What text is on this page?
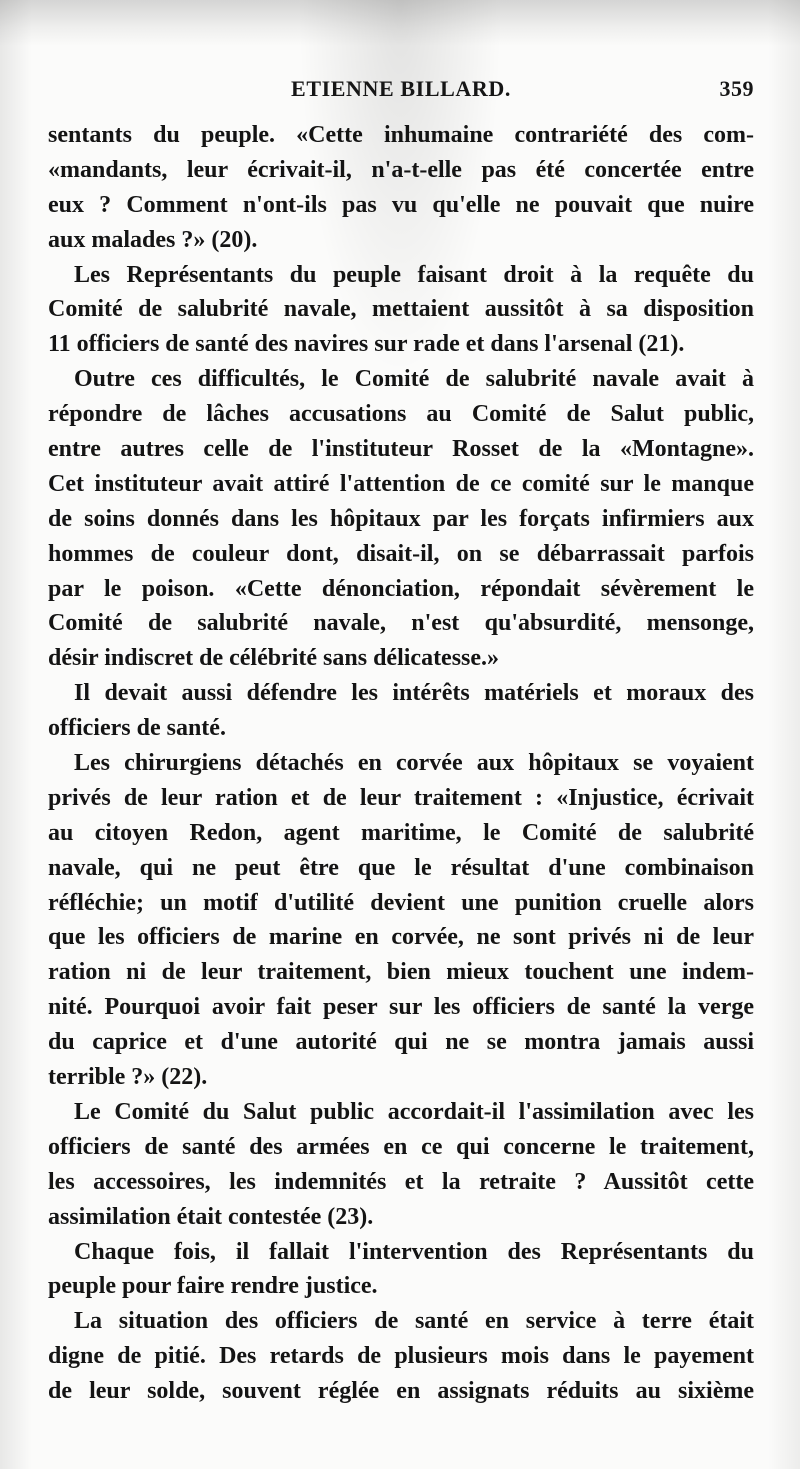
ETIENNE BILLARD.	359
sentants du peuple. «Cette inhumaine contrariété des com-
«mandants, leur écrivait-il, n'a-t-elle pas été concertée entre
eux ? Comment n'ont-ils pas vu qu'elle ne pouvait que nuire
aux malades ?» (20).
Les Représentants du peuple faisant droit à la requête du
Comité de salubrité navale, mettaient aussitôt à sa disposition
11 officiers de santé des navires sur rade et dans l'arsenal (21).
Outre ces difficultés, le Comité de salubrité navale avait à
répondre de lâches accusations au Comité de Salut public,
entre autres celle de l'instituteur Rosset de la «Montagne».
Cet instituteur avait attiré l'attention de ce comité sur le manque
de soins donnés dans les hôpitaux par les forçats infirmiers aux
hommes de couleur dont, disait-il, on se débarrassait parfois
par le poison. «Cette dénonciation, répondait sévèrement le
Comité de salubrité navale, n'est qu'absurdité, mensonge,
désir indiscret de célébrité sans délicatesse.»
Il devait aussi défendre les intérêts matériels et moraux des
officiers de santé.
Les chirurgiens détachés en corvée aux hôpitaux se voyaient
privés de leur ration et de leur traitement : «Injustice, écrivait
au citoyen Redon, agent maritime, le Comité de salubrité
navale, qui ne peut être que le résultat d'une combinaison
réfléchie; un motif d'utilité devient une punition cruelle alors
que les officiers de marine en corvée, ne sont privés ni de leur
ration ni de leur traitement, bien mieux touchent une indem-
nité. Pourquoi avoir fait peser sur les officiers de santé la verge
du caprice et d'une autorité qui ne se montra jamais aussi
terrible ?» (22).
Le Comité du Salut public accordait-il l'assimilation avec les
officiers de santé des armées en ce qui concerne le traitement,
les accessoires, les indemnités et la retraite ? Aussitôt cette
assimilation était contestée (23).
Chaque fois, il fallait l'intervention des Représentants du
peuple pour faire rendre justice.
La situation des officiers de santé en service à terre était
digne de pitié. Des retards de plusieurs mois dans le payement
de leur solde, souvent réglée en assignats réduits au sixième
